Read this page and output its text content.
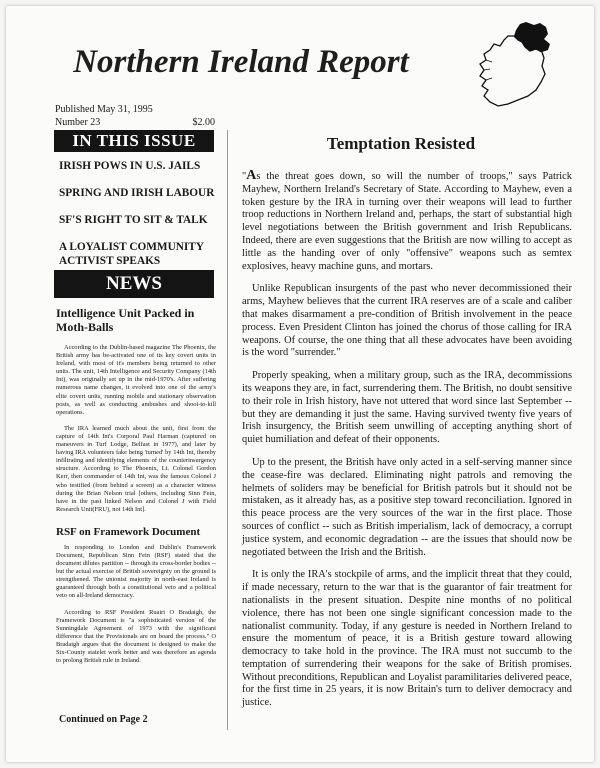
Northern Ireland Report
Published May 31, 1995
Number 23	$2.00
IN THIS ISSUE
IRISH POWS IN U.S. JAILS
SPRING AND IRISH LABOUR
SF'S RIGHT TO SIT & TALK
A LOYALIST COMMUNITY ACTIVIST SPEAKS
NEWS
Intelligence Unit Packed in Moth-Balls

According to the Dublin-based magazine The Phoenix, the British army has be-activated one of its key covert units in Ireland, with most of it's members being returned to other units. The unit, 14th Intelligence and Security Company (14th Int), was originally set up in the mid-1970's. After suffering numerous name changes, it evolved into one of the army's elite covert units, running mobile and stationary observation posts, as well as conducting ambushes and shoot-to-kill operations.

The IRA learned much about the unit, first from the capture of 14th Int's Corporal Paul Harman (captured on maneuvers in Turf Lodge, Belfast in 1977), and later by having IRA volunteers fake being 'turned' by 14th Int, thereby infiltrating and identifying elements of the counterinsurgency structure. According to The Phoenix, Lt. Colonel Gordon Kerr, then commander of 14th Int, was the famous Colonel J who testified (from behind a screen) as a character witness during the Brian Nelson trial [others, including Sinn Fein, have in the past linked Nelson and Colonel J with Field Research Unit(FRU), not 14th Int].

RSF on Framework Document

In responding to London and Dublin's Framework Document, Republican Sinn Fein (RSF) stated that the document dilutes partition -- through its cross-border bodies -- but the actual exercise of British sovereignty on the ground is strengthened. The unionist majority in north-east Ireland is guaranteed through both a constitutional veto and a political veto on all-Ireland democracy.

According to RSF President Ruairi O Bradaigh, the Framework Document is "a sophisticated version of the Sunningdale Agreement of 1973 with the significant difference that the Provisionals are on board the process." O Bradaigh argues that the document is designed to make the Six-County statelet work better and was therefore an agenda to prolong British rule in Ireland.

Continued on Page 2
Temptation Resisted

"As the threat goes down, so will the number of troops," says Patrick Mayhew, Northern Ireland's Secretary of State. According to Mayhew, even a token gesture by the IRA in turning over their weapons will lead to further troop reductions in Northern Ireland and, perhaps, the start of substantial high level negotiations between the British government and Irish Republicans. Indeed, there are even suggestions that the British are now willing to accept as little as the handing over of only "offensive" weapons such as semtex explosives, heavy machine guns, and mortars.

Unlike Republican insurgents of the past who never decommissioned their arms, Mayhew believes that the current IRA reserves are of a scale and caliber that makes disarmament a pre-condition of British involvement in the peace process. Even President Clinton has joined the chorus of those calling for IRA weapons. Of course, the one thing that all these advocates have been avoiding is the word "surrender."

Properly speaking, when a military group, such as the IRA, decommissions its weapons they are, in fact, surrendering them. The British, no doubt sensitive to their role in Irish history, have not uttered that word since last September -- but they are demanding it just the same. Having survived twenty five years of Irish insurgency, the British seem unwilling of accepting anything short of quiet humiliation and defeat of their opponents.

Up to the present, the British have only acted in a self-serving manner since the cease-fire was declared. Eliminating night patrols and removing the helmets of soliders may be beneficial for British patrols but it should not be mistaken, as it already has, as a positive step toward reconciliation. Ignored in this peace process are the very sources of the war in the first place. Those sources of conflict -- such as British imperialism, lack of democracy, a corrupt justice system, and economic degradation -- are the issues that should now be negotiated between the Irish and the British.

It is only the IRA's stockpile of arms, and the implicit threat that they could, if made necessary, return to the war that is the guarantor of fair treatment for nationalists in the present situation. Despite nine months of no political violence, there has not been one single significant concession made to the nationalist community. Today, if any gesture is needed in Northern Ireland to ensure the momentum of peace, it is a British gesture toward allowing democracy to take hold in the province. The IRA must not succumb to the temptation of surrendering their weapons for the sake of British promises. Without preconditions, Republican and Loyalist paramilitaries delivered peace, for the first time in 25 years, it is now Britain's turn to deliver democracy and justice.
